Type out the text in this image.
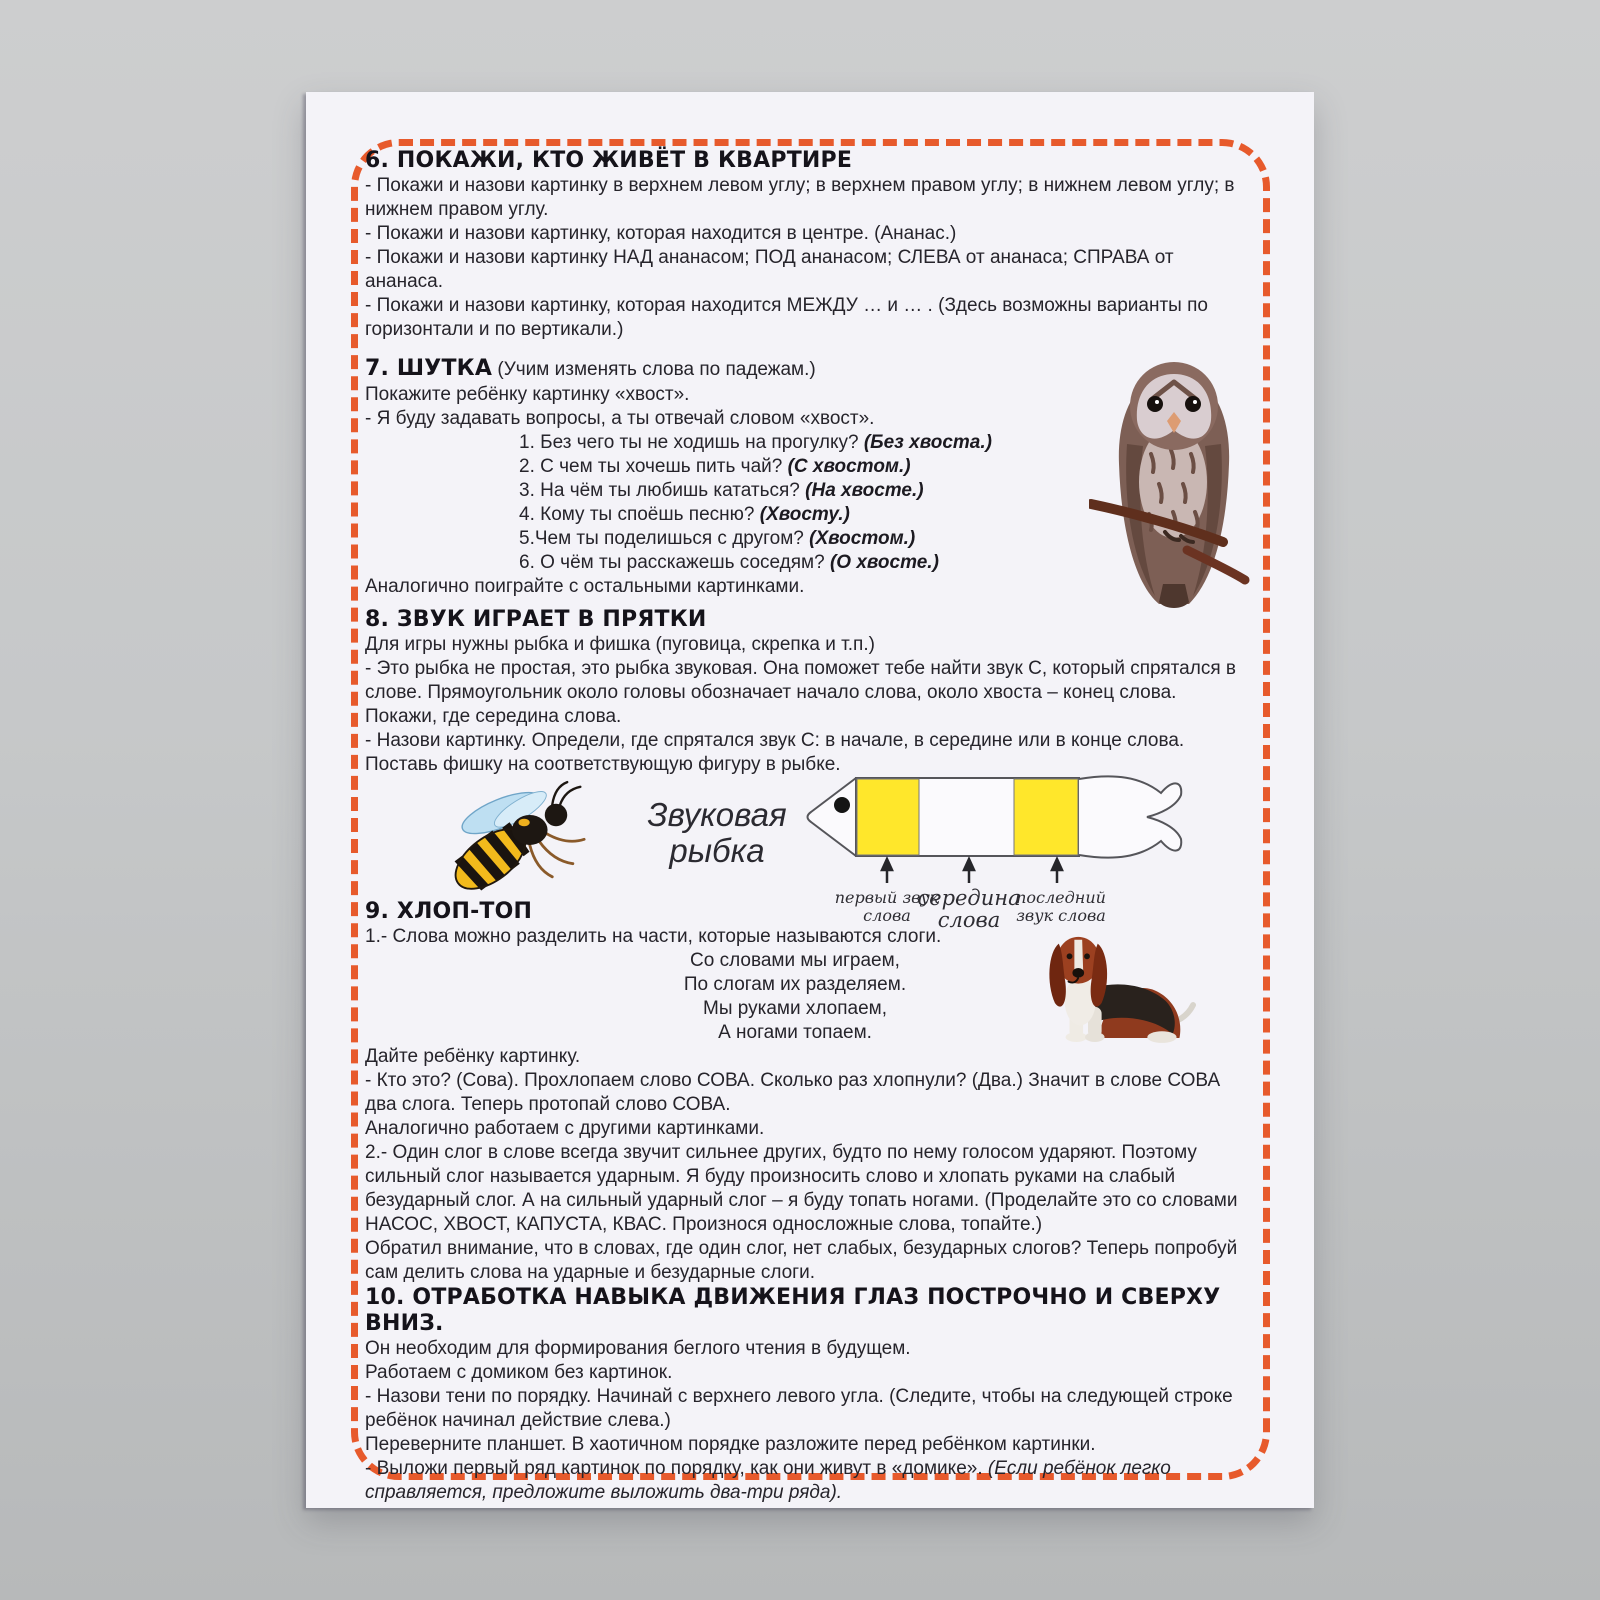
6. ПОКАЖИ, КТО ЖИВЁТ В КВАРТИРЕ

- Покажи и назови картинку в верхнем левом углу; в верхнем правом углу; в нижнем левом углу; в нижнем правом углу.

- Покажи и назови картинку, которая находится в центре. (Ананас.)

- Покажи и назови картинку НАД ананасом; ПОД ананасом; СЛЕВА от ананаса; СПРАВА от ананаса.

- Покажи и назови картинку, которая находится МЕЖДУ … и … . (Здесь возможны варианты по горизонтали и по вертикали.)

7. ШУТКА (Учим изменять слова по падежам.)

Покажите ребёнку картинку «хвост».

- Я буду задавать вопросы, а ты отвечай словом «хвост».

1. Без чего ты не ходишь на прогулку? (Без хвоста.)

2. С чем ты хочешь пить чай? (С хвостом.)

3. На чём ты любишь кататься? (На хвосте.)

4. Кому ты споёшь песню? (Хвосту.)

5.Чем ты поделишься с другом? (Хвостом.)

6. О чём ты расскажешь соседям? (О хвосте.)

Аналогично поиграйте с остальными картинками.

8. ЗВУК ИГРАЕТ В ПРЯТКИ

Для игры нужны рыбка и фишка (пуговица, скрепка и т.п.)

- Это рыбка не простая, это рыбка звуковая. Она поможет тебе найти звук С, который спрятался в слове. Прямоугольник около головы обозначает начало слова, около хвоста – конец слова. Покажи, где середина слова.

- Назови картинку. Определи, где спрятался звук С: в начале, в середине или в конце слова. Поставь фишку на соответствующую фигуру в рыбке.

Звуковая
рыбка
первый звук
слова
середина
слова
последний
звук слова
9. ХЛОП-ТОП

1.- Слова можно разделить на части, которые называются слоги.

Со словами мы играем,
По слогам их разделяем.
Мы руками хлопаем,
А ногами топаем.

Дайте ребёнку картинку.

- Кто это? (Сова). Прохлопаем слово СОВА. Сколько раз хлопнули? (Два.) Значит в слове СОВА два слога. Теперь протопай слово СОВА.

Аналогично работаем с другими картинками.

2.- Один слог в слове всегда звучит сильнее других, будто по нему голосом ударяют. Поэтому сильный слог называется ударным. Я буду произносить слово и хлопать руками на слабый безударный слог. А на сильный ударный слог – я буду топать ногами. (Проделайте это со словами НАСОС, ХВОСТ, КАПУСТА, КВАС. Произнося односложные слова, топайте.)

Обратил внимание, что в словах, где один слог, нет слабых, безударных слогов? Теперь попробуй сам делить слова на ударные и безударные слоги.

10. ОТРАБОТКА НАВЫКА ДВИЖЕНИЯ ГЛАЗ ПОСТРОЧНО И СВЕРХУ ВНИЗ.

Он необходим для формирования беглого чтения в будущем.

Работаем с домиком без картинок.

- Назови тени по порядку. Начинай с верхнего левого угла. (Следите, чтобы на следующей строке ребёнок начинал действие слева.)

Переверните планшет. В хаотичном порядке разложите перед ребёнком картинки.

- Выложи первый ряд картинок по порядку, как они живут в «домике». (Если ребёнок легко справляется, предложите выложить два-три ряда).
